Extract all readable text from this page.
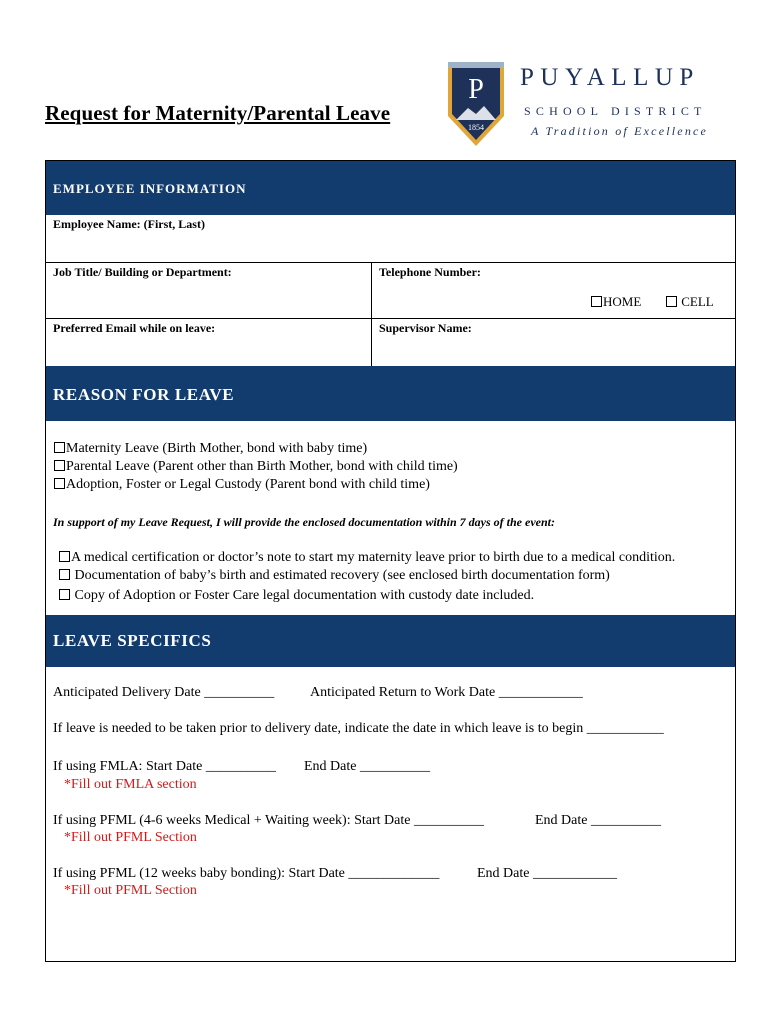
Request for Maternity/Parental Leave
P
1854
PUYALLUP
SCHOOL DISTRICT
A Tradition of Excellence
EMPLOYEE INFORMATION
Employee Name: (First, Last)
Job Title/ Building or Department:	Telephone Number:
HOME	CELL
Preferred Email while on leave:	Supervisor Name:
REASON FOR LEAVE
Maternity Leave (Birth Mother, bond with baby time)
Parental Leave (Parent other than Birth Mother, bond with child time)
Adoption, Foster or Legal Custody (Parent bond with child time)
In support of my Leave Request, I will provide the enclosed documentation within 7 days of the event:
A medical certification or doctor’s note to start my maternity leave prior to birth due to a medical condition.
Documentation of baby’s birth and estimated recovery (see enclosed birth documentation form)
Copy of Adoption or Foster Care legal documentation with custody date included.
LEAVE SPECIFICS
Anticipated Delivery Date __________	Anticipated Return to Work Date ____________
If leave is needed to be taken prior to delivery date, indicate the date in which leave is to begin ___________
If using FMLA: Start Date __________ End Date __________
*Fill out FMLA section
If using PFML (4-6 weeks Medical + Waiting week): Start Date __________	End Date __________
*Fill out PFML Section
If using PFML (12 weeks baby bonding): Start Date _____________	End Date ____________
*Fill out PFML Section
